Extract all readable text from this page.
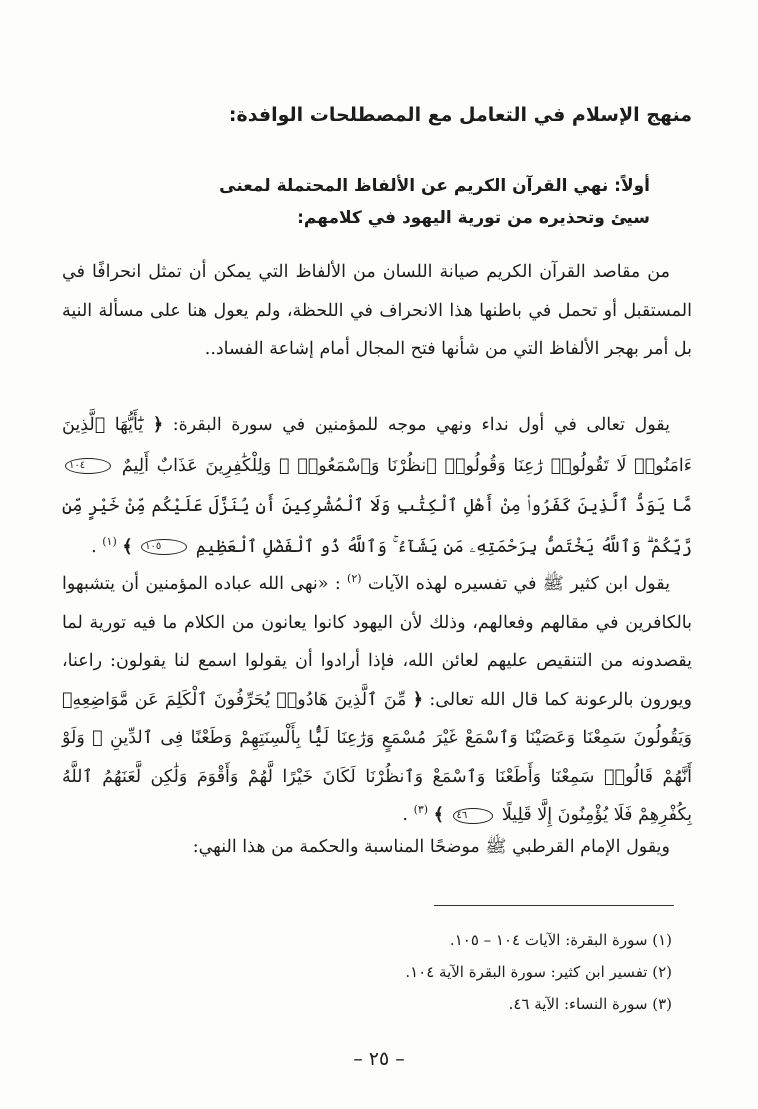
منهج الإسلام في التعامل مع المصطلحات الوافدة:
أولاً: نهي القرآن الكريم عن الألفاظ المحتملة لمعنى
سيئ وتحذيره من تورية اليهود في كلامهم:

من مقاصد القرآن الكريم صيانة اللسان من الألفاظ التي يمكن أن تمثل انحرافًا في المستقبل أو تحمل في باطنها هذا الانحراف في اللحظة، ولم يعول هنا على مسألة النية بل أمر بهجر الألفاظ التي من شأنها فتح المجال أمام إشاعة الفساد..

يقول تعالى في أول نداء ونهي موجه للمؤمنين في سورة البقرة: ﴿ يَٰٓأَيُّهَا ٱلَّذِينَ ءَامَنُوا۟ لَا تَقُولُوا۟ رَٰعِنَا وَقُولُوا۟ ٱنظُرْنَا وَٱسْمَعُوا۟ ۗ وَلِلْكَٰفِرِينَ عَذَابٌ أَلِيمٌ ١٠٤ مَّا يَوَدُّ ٱلَّذِينَ كَفَرُوا۟ مِنْ أَهْلِ ٱلْكِتَٰبِ وَلَا ٱلْمُشْرِكِينَ أَن يُنَزَّلَ عَلَيْكُم مِّنْ خَيْرٍ مِّن رَّبِّكُمْ ۗ وَٱللَّهُ يَخْتَصُّ بِرَحْمَتِهِۦ مَن يَشَآءُ ۚ وَٱللَّهُ ذُو ٱلْفَضْلِ ٱلْعَظِيمِ ١٠٥ ﴾ $^{(١)}$ .

يقول ابن كثير ﷺ في تفسيره لهذه الآيات $^{(٢)}$ : «نهى الله عباده المؤمنين أن يتشبهوا بالكافرين في مقالهم وفعالهم، وذلك لأن اليهود كانوا يعانون من الكلام ما فيه تورية لما يقصدونه من التنقيص عليهم لعائن الله، فإذا أرادوا أن يقولوا اسمع لنا يقولون: راعنا، ويورون بالرعونة كما قال الله تعالى: ﴿ مِّنَ ٱلَّذِينَ هَادُوا۟ يُحَرِّفُونَ ٱلْكَلِمَ عَن مَّوَاضِعِهِۦ وَيَقُولُونَ سَمِعْنَا وَعَصَيْنَا وَٱسْمَعْ غَيْرَ مُسْمَعٍ وَرَٰعِنَا لَيًّۢا بِأَلْسِنَتِهِمْ وَطَعْنًا فِى ٱلدِّينِ ۚ وَلَوْ أَنَّهُمْ قَالُوا۟ سَمِعْنَا وَأَطَعْنَا وَٱسْمَعْ وَٱنظُرْنَا لَكَانَ خَيْرًا لَّهُمْ وَأَقْوَمَ وَلَٰكِن لَّعَنَهُمُ ٱللَّهُ بِكُفْرِهِمْ فَلَا يُؤْمِنُونَ إِلَّا قَلِيلًا ٤٦ ﴾ $^{(٣)}$ .

ويقول الإمام القرطبي ﷺ موضحًا المناسبة والحكمة من هذا النهي:

(١) سورة البقرة: الآيات ١٠٤ – ١٠٥.
(٢) تفسير ابن كثير: سورة البقرة الآية ١٠٤.
(٣) سورة النساء: الآية ٤٦.
– ٢٥ –
